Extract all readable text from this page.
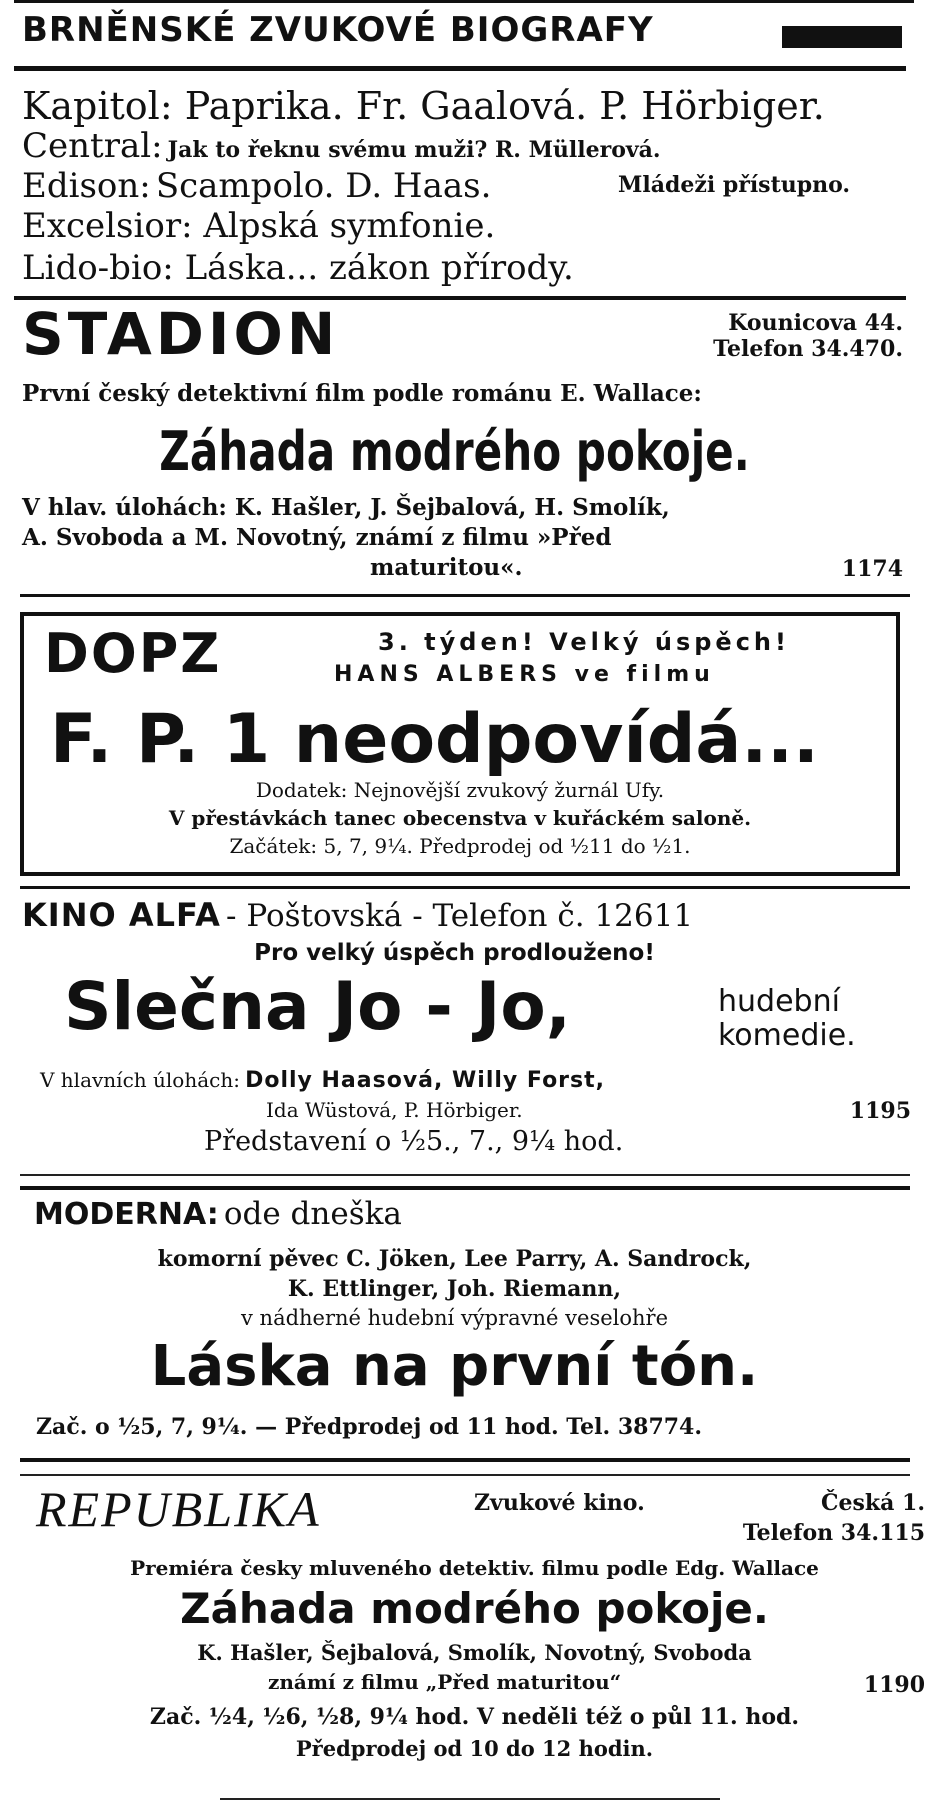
BRNĚNSKÉ ZVUKOVÉ BIOGRAFY
Kapitol: Paprika. Fr. Gaalová. P. Hörbiger.
Central: Jak to řeknu svému muži? R. Müllerová.
Edison: Scampolo. D. Haas.	Mládeži přístupno.
Excelsior: Alpská symfonie.
Lido-bio: Láska... zákon přírody.
STADION	Kounicova 44.
Telefon 34.470.
První český detektivní film podle románu E. Wallace:
Záhada modrého pokoje.
V hlav. úlohách: K. Hašler, J. Šejbalová, H. Smolík,
A. Svoboda a M. Novotný, známí z filmu »Před
maturitou«.	1174
DOPZ	3. týden! Velký úspěch!
HANS ALBERS ve filmu
F. P. 1 neodpovídá...
Dodatek: Nejnovější zvukový žurnál Ufy.
V přestávkách tanec obecenstva v kuřáckém saloně.
Začátek: 5, 7, 9¼. Předprodej od ½11 do ½1.
KINO ALFA - Poštovská - Telefon č. 12611
Pro velký úspěch prodlouženo!
Slečna Jo - Jo,	hudební
komedie.
V hlavních úlohách: Dolly Haasová, Willy Forst,
Ida Wüstová, P. Hörbiger.	1195
Představení o ½5., 7., 9¼ hod.
MODERNA: ode dneška
komorní pěvec C. Jöken, Lee Parry, A. Sandrock,
K. Ettlinger, Joh. Riemann,
v nádherné hudební výpravné veselohře
Láska na první tón.
Zač. o ½5, 7, 9¼. — Předprodej od 11 hod. Tel. 38774.
REPUBLIKA	Zvukové kino.	Česká 1.
Telefon 34.115
Premiéra česky mluveného detektiv. filmu podle Edg. Wallace
Záhada modrého pokoje.
K. Hašler, Šejbalová, Smolík, Novotný, Svoboda
známí z filmu „Před maturitou“	1190
Zač. ½4, ½6, ½8, 9¼ hod. V neděli též o půl 11. hod.
Předprodej od 10 do 12 hodin.
